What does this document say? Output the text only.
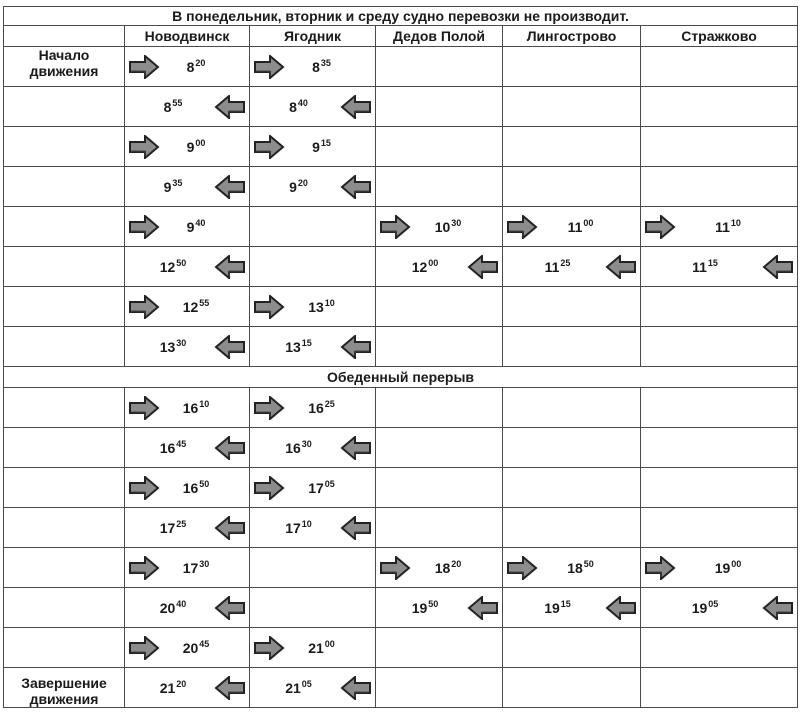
В понедельник, вторник и среду судно перевозки не производит.					
	Новодвинск	Ягодник	Дедов Полой	Лингострово	Стражково

Начало
движения	$8^{20}$	$8^{35}$

	$8^{55}$	$8^{40}$

	$9^{00}$	$9^{15}$

	$9^{35}$	$9^{20}$

	$9^{40}$		$10^{30}$	$11^{00}$	$11^{10}$

	$12^{50}$		$12^{00}$	$11^{25}$	$11^{15}$

	$12^{55}$	$13^{10}$

	$13^{30}$	$13^{15}$

Обеденный перерыв					

	$16^{10}$	$16^{25}$

	$16^{45}$	$16^{30}$

	$16^{50}$	$17^{05}$

	$17^{25}$	$17^{10}$

	$17^{30}$		$18^{20}$	$18^{50}$	$19^{00}$

	$20^{40}$		$19^{50}$	$19^{15}$	$19^{05}$

	$20^{45}$	$21^{00}$

Завершение
движения	$21^{20}$	$21^{05}$
